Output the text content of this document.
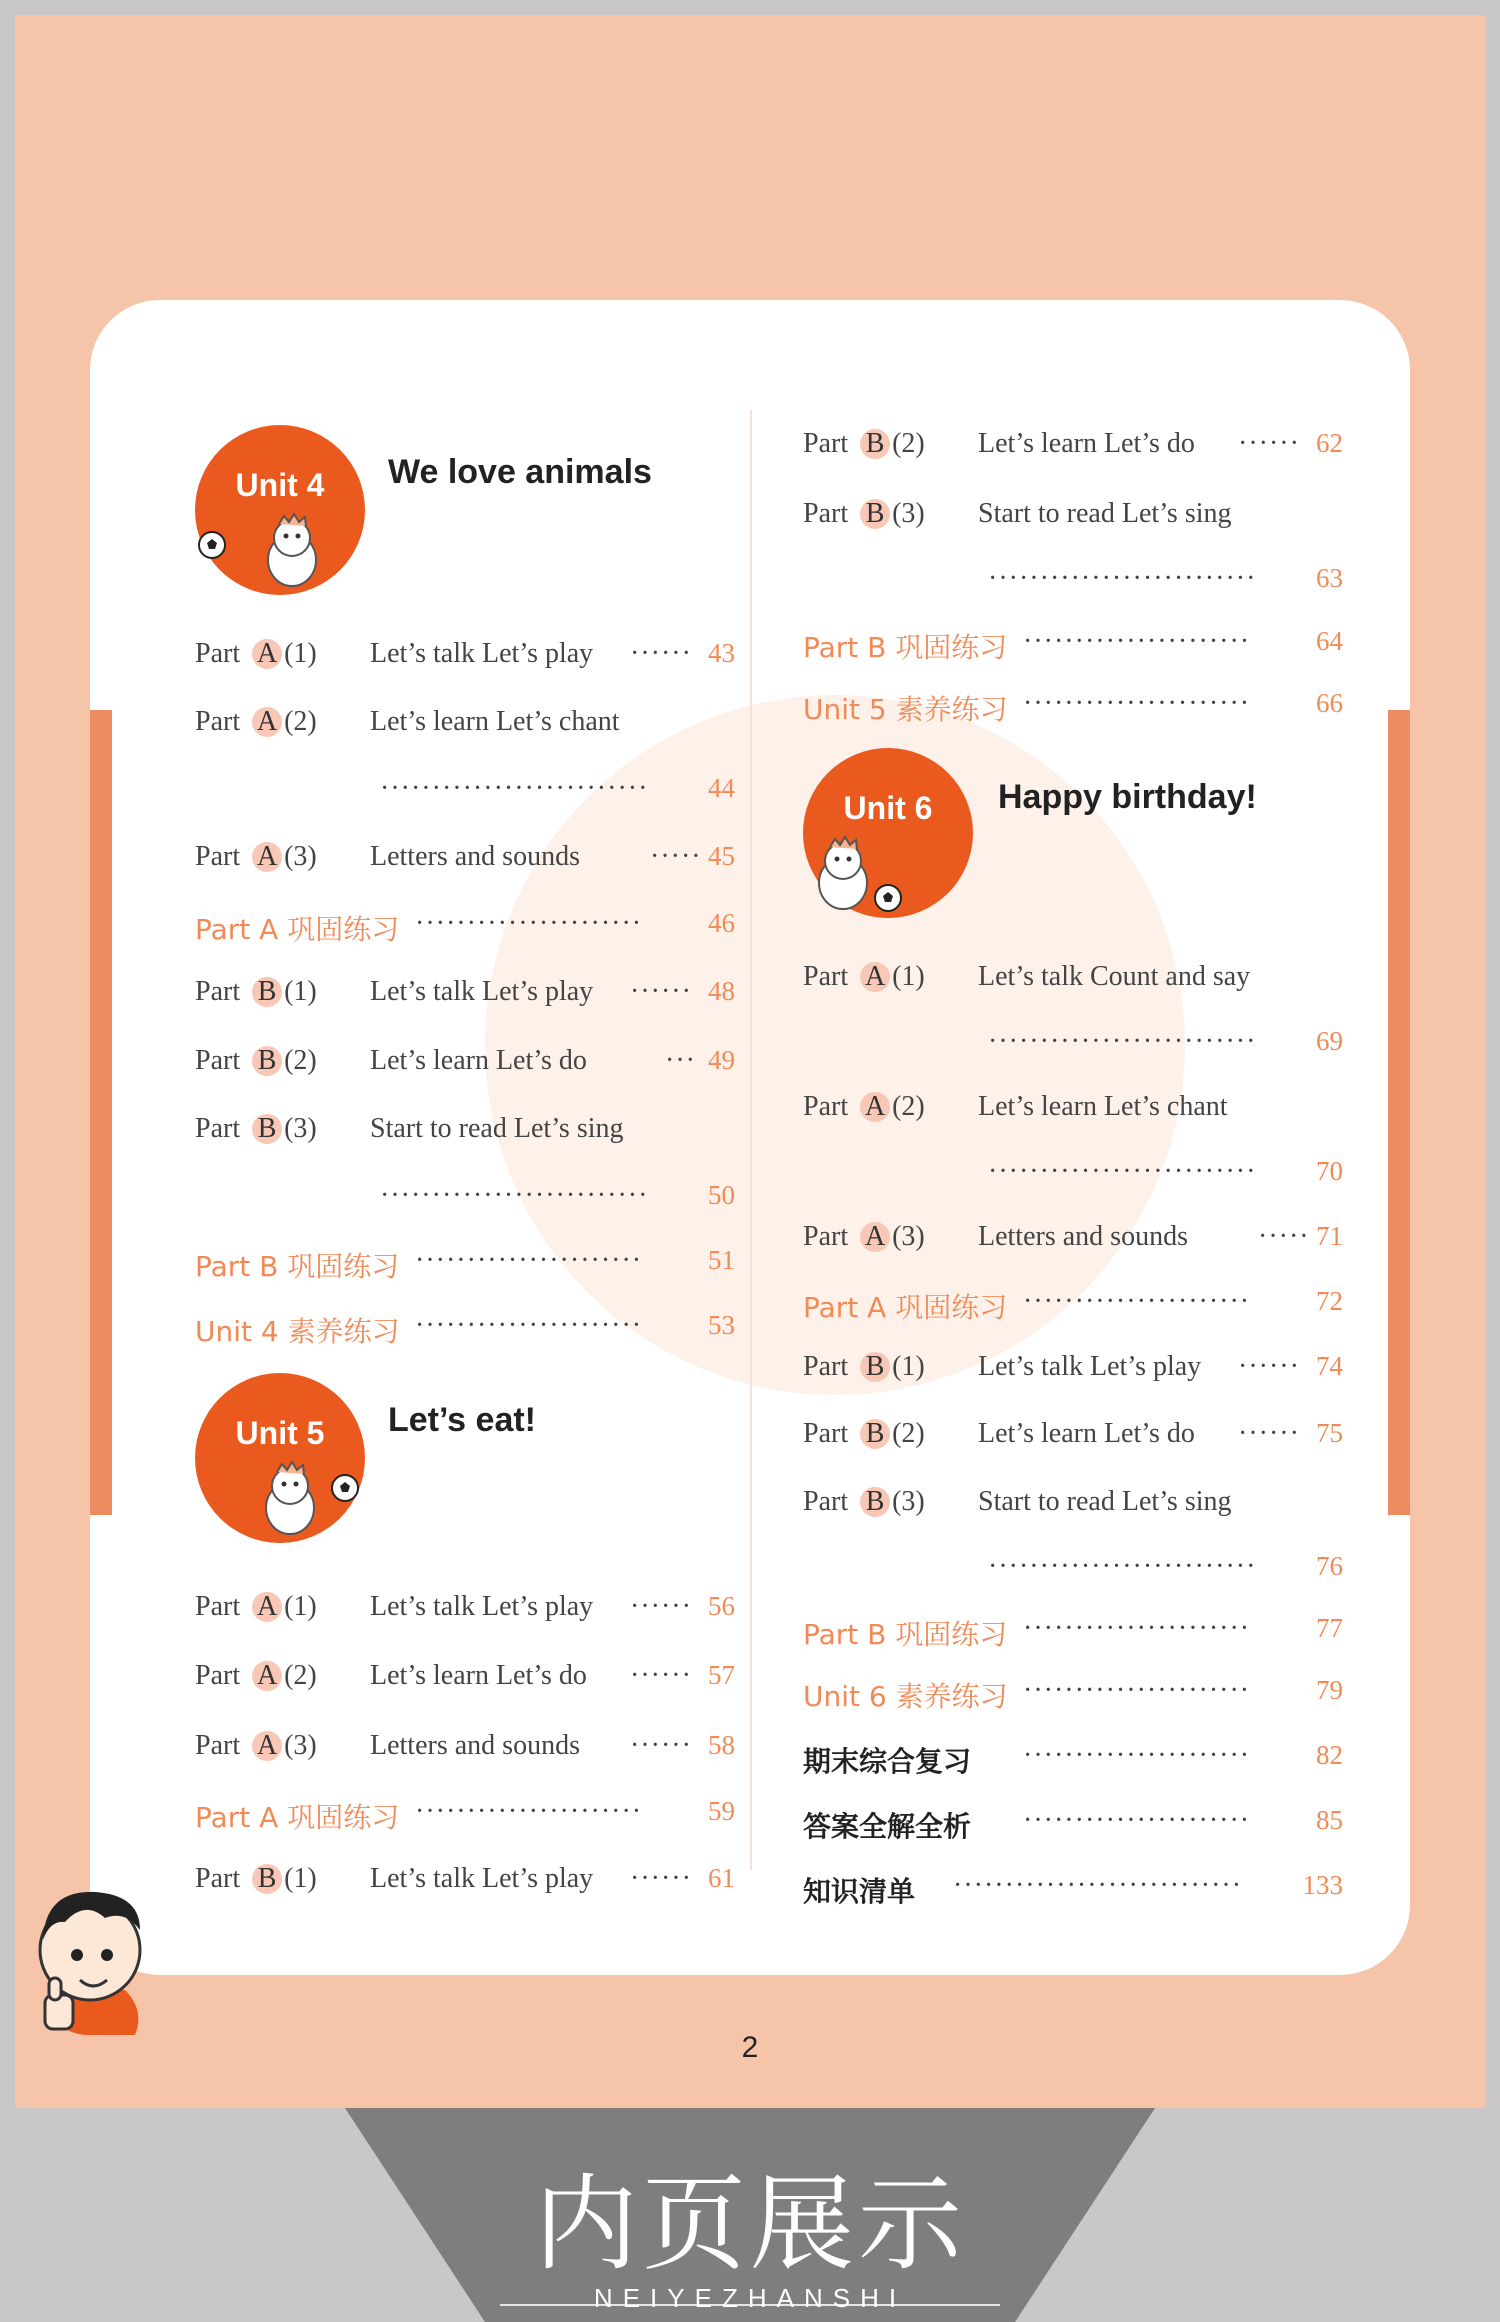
Unit 4	We love animals
Unit 5	Let’s eat!
Unit 6	Happy birthday!
Part A (1) Let’s talk Let’s play ······ 43
Part A (2) Let’s learn Let’s chant
·························· 44
Part A (3) Letters and sounds	····· 45
Part A 巩固练习 ······················ 46
Part B (1) Let’s talk Let’s play ······ 48
Part B (2) Let’s learn Let’s do	··· 49
Part B (3) Start to read Let’s sing
·························· 50
Part B 巩固练习 ······················ 51
Unit 4 素养练习 ······················ 53
Part A (1) Let’s talk Let’s play ······ 56
Part A (2) Let’s learn Let’s do ······ 57
Part A (3) Letters and sounds ······ 58
Part A 巩固练习 ······················ 59
Part B (1) Let’s talk Let’s play ······ 61
Part B (2) Let’s learn Let’s do ······ 62
Part B (3) Start to read Let’s sing
·························· 63
Part B 巩固练习 ······················ 64
Unit 5 素养练习 ······················ 66
Part A (1) Let’s talk Count and say
·························· 69
Part A (2) Let’s learn Let’s chant
·························· 70
Part A (3) Letters and sounds	····· 71
Part A 巩固练习 ······················ 72
Part B (1) Let’s talk Let’s play ······ 74
Part B (2) Let’s learn Let’s do ······ 75
Part B (3) Start to read Let’s sing
·························· 76
Part B 巩固练习 ······················ 77
Unit 6 素养练习 ······················ 79
期末综合复习 ······················ 82
答案全解全析 ······················ 85
知识清单 ···························· 133
2
内页展示
NEIYEZHANSHI
